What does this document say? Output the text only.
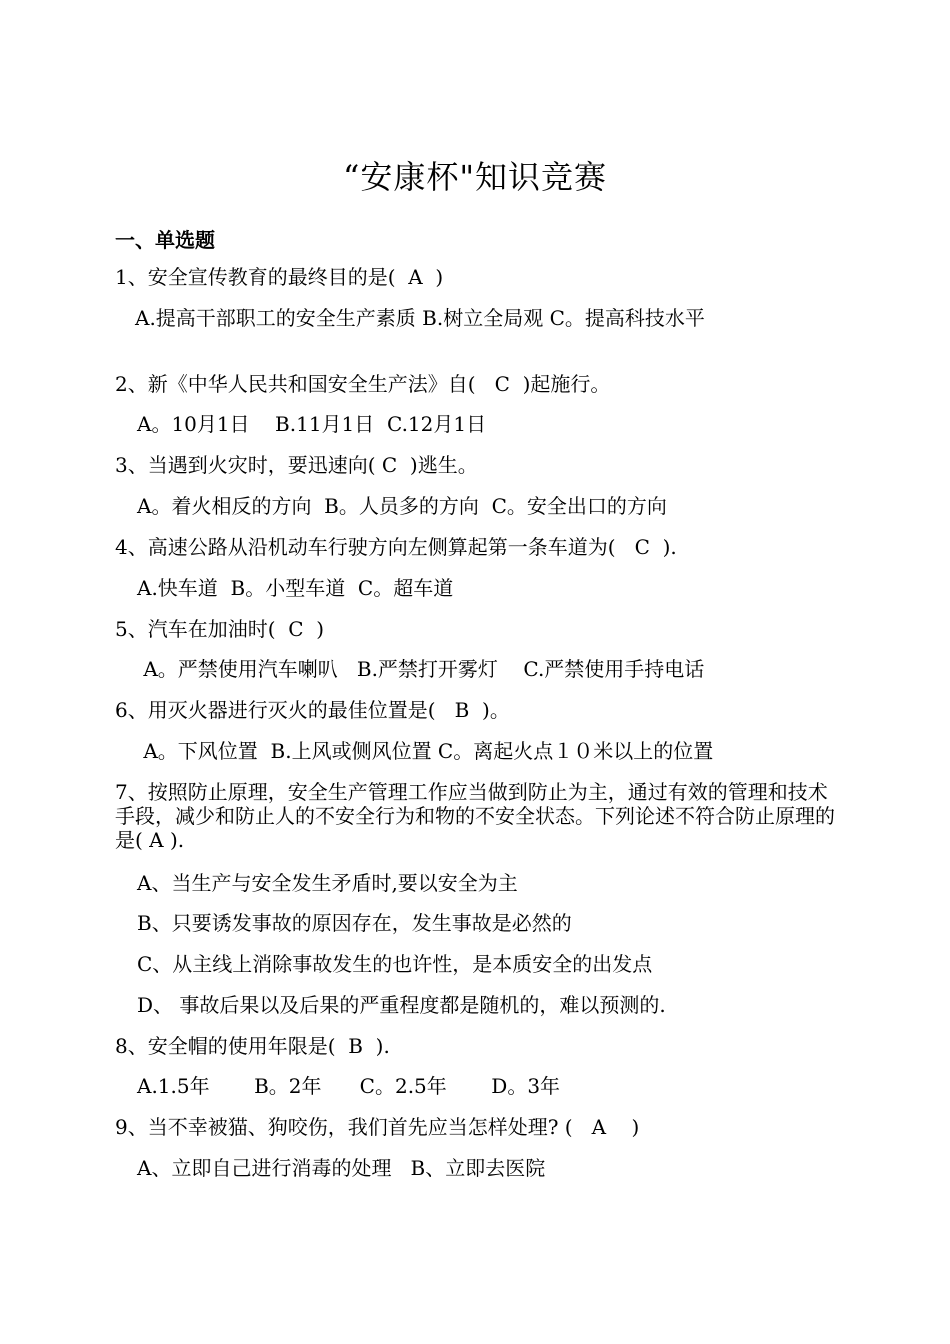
“安康杯"知识竞赛
一、单选题
1、安全宣传教育的最终目的是(  A  )
A.提高干部职工的安全生产素质 B.树立全局观 C。提高科技水平
2、新《中华人民共和国安全生产法》自(   C  )起施行。
A。10月1日    B.11月1日  C.12月1日
3、当遇到火灾时，要迅速向( C  )逃生。
A。着火相反的方向  B。人员多的方向  C。安全出口的方向
4、高速公路从沿机动车行驶方向左侧算起第一条车道为(   C  ).
A.快车道  B。小型车道  C。超车道
5、汽车在加油时(  C  )
A。严禁使用汽车喇叭   B.严禁打开雾灯    C.严禁使用手持电话
6、用灭火器进行灭火的最佳位置是(   B  )。
A。下风位置  B.上风或侧风位置 C。离起火点１０米以上的位置
7、按照防止原理，安全生产管理工作应当做到防止为主，通过有效的管理和技术手段，减少和防止人的不安全行为和物的不安全状态。下列论述不符合防止原理的是( A ).
A、当生产与安全发生矛盾时,要以安全为主
B、只要诱发事故的原因存在，发生事故是必然的
C、从主线上消除事故发生的也许性，是本质安全的出发点
D、 事故后果以及后果的严重程度都是随机的，难以预测的.
8、安全帽的使用年限是(  B  ).
A.1.5年       B。2年      C。2.5年       D。3年
9、当不幸被猫、狗咬伤，我们首先应当怎样处理? (   A    )
A、立即自己进行消毒的处理   B、立即去医院
